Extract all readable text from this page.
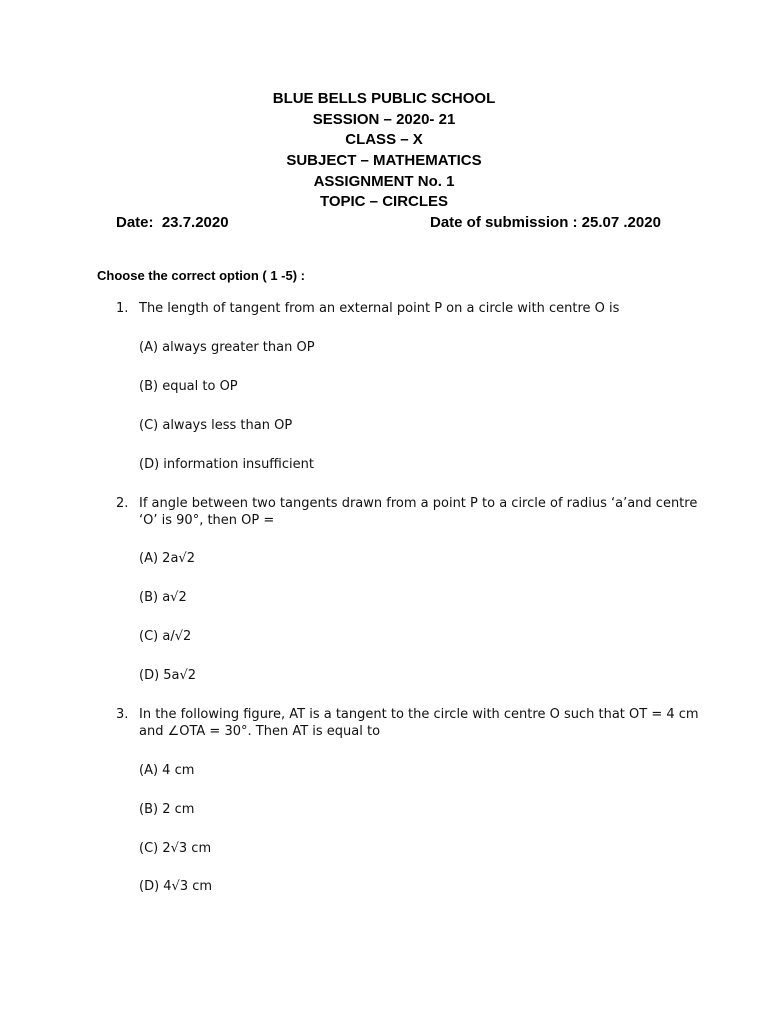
BLUE BELLS PUBLIC SCHOOL
SESSION – 2020- 21
CLASS – X
SUBJECT – MATHEMATICS
ASSIGNMENT No. 1
TOPIC – CIRCLES
Date:  23.7.2020	Date of submission : 25.07 .2020
Choose the correct option ( 1 -5) :
1. The length of tangent from an external point P on a circle with centre O is
(A) always greater than OP
(B) equal to OP
(C) always less than OP
(D) information insufficient
2. If angle between two tangents drawn from a point P to a circle of radius ‘a’and centre ‘O’ is 90°, then OP =
(A) 2a√2
(B) a√2
(C) a/√2
(D) 5a√2
3. In the following figure, AT is a tangent to the circle with centre O such that OT = 4 cm and ∠OTA = 30°. Then AT is equal to
(A) 4 cm
(B) 2 cm
(C) 2√3 cm
(D) 4√3 cm
